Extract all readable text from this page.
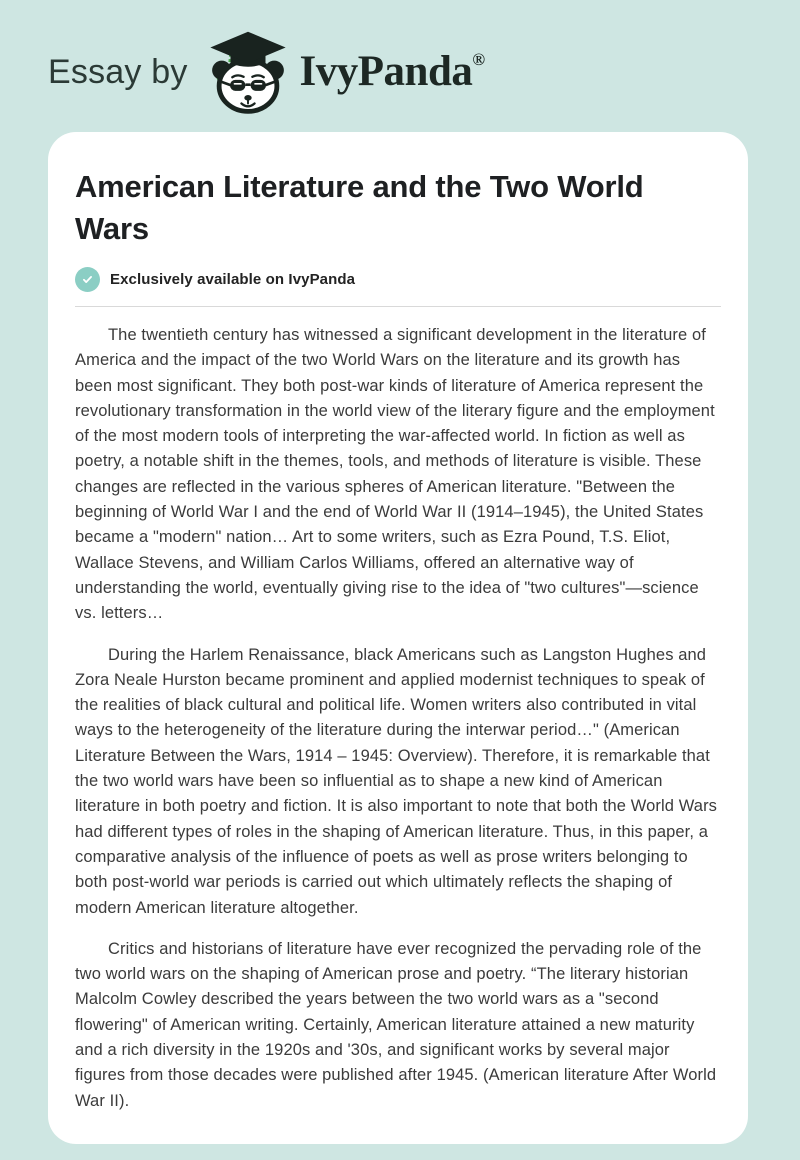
Essay by	IvyPanda ®
American Literature and the Two World Wars
Exclusively available on IvyPanda

The twentieth century has witnessed a significant development in the literature of America and the impact of the two World Wars on the literature and its growth has been most significant. They both post-war kinds of literature of America represent the revolutionary transformation in the world view of the literary figure and the employment of the most modern tools of interpreting the war-affected world. In fiction as well as poetry, a notable shift in the themes, tools, and methods of literature is visible. These changes are reflected in the various spheres of American literature. "Between the beginning of World War I and the end of World War II (1914–1945), the United States became a "modern" nation… Art to some writers, such as Ezra Pound, T.S. Eliot, Wallace Stevens, and William Carlos Williams, offered an alternative way of understanding the world, eventually giving rise to the idea of "two cultures"—science vs. letters…

During the Harlem Renaissance, black Americans such as Langston Hughes and Zora Neale Hurston became prominent and applied modernist techniques to speak of the realities of black cultural and political life. Women writers also contributed in vital ways to the heterogeneity of the literature during the interwar period…" (American Literature Between the Wars, 1914 – 1945: Overview). Therefore, it is remarkable that the two world wars have been so influential as to shape a new kind of American literature in both poetry and fiction. It is also important to note that both the World Wars had different types of roles in the shaping of American literature. Thus, in this paper, a comparative analysis of the influence of poets as well as prose writers belonging to both post-world war periods is carried out which ultimately reflects the shaping of modern American literature altogether.

Critics and historians of literature have ever recognized the pervading role of the two world wars on the shaping of American prose and poetry. “The literary historian Malcolm Cowley described the years between the two world wars as a "second flowering" of American writing. Certainly, American literature attained a new maturity and a rich diversity in the 1920s and '30s, and significant works by several major figures from those decades were published after 1945. (American literature After World War II).
